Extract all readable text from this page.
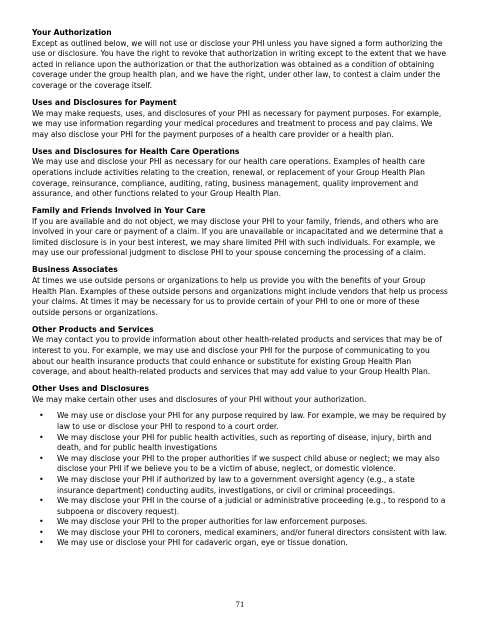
Your Authorization

Except as outlined below, we will not use or disclose your PHI unless you have signed a form authorizing the use or disclosure. You have the right to revoke that authorization in writing except to the extent that we have acted in reliance upon the authorization or that the authorization was obtained as a condition of obtaining coverage under the group health plan, and we have the right, under other law, to contest a claim under the coverage or the coverage itself.

Uses and Disclosures for Payment

We may make requests, uses, and disclosures of your PHI as necessary for payment purposes. For example, we may use information regarding your medical procedures and treatment to process and pay claims. We may also disclose your PHI for the payment purposes of a health care provider or a health plan.

Uses and Disclosures for Health Care Operations

We may use and disclose your PHI as necessary for our health care operations. Examples of health care operations include activities relating to the creation, renewal, or replacement of your Group Health Plan coverage, reinsurance, compliance, auditing, rating, business management, quality improvement and assurance, and other functions related to your Group Health Plan.

Family and Friends Involved in Your Care

If you are available and do not object, we may disclose your PHI to your family, friends, and others who are involved in your care or payment of a claim. If you are unavailable or incapacitated and we determine that a limited disclosure is in your best interest, we may share limited PHI with such individuals. For example, we may use our professional judgment to disclose PHI to your spouse concerning the processing of a claim.

Business Associates

At times we use outside persons or organizations to help us provide you with the benefits of your Group Health Plan. Examples of these outside persons and organizations might include vendors that help us process your claims. At times it may be necessary for us to provide certain of your PHI to one or more of these outside persons or organizations.

Other Products and Services

We may contact you to provide information about other health-related products and services that may be of interest to you. For example, we may use and disclose your PHI for the purpose of communicating to you about our health insurance products that could enhance or substitute for existing Group Health Plan coverage, and about health-related products and services that may add value to your Group Health Plan.

Other Uses and Disclosures

We may make certain other uses and disclosures of your PHI without your authorization.

• We may use or disclose your PHI for any purpose required by law. For example, we may be required by law to use or disclose your PHI to respond to a court order.
• We may disclose your PHI for public health activities, such as reporting of disease, injury, birth and death, and for public health investigations
• We may disclose your PHI to the proper authorities if we suspect child abuse or neglect; we may also disclose your PHI if we believe you to be a victim of abuse, neglect, or domestic violence.
• We may disclose your PHI if authorized by law to a government oversight agency (e.g., a state insurance department) conducting audits, investigations, or civil or criminal proceedings.
• We may disclose your PHI in the course of a judicial or administrative proceeding (e.g., to respond to a subpoena or discovery request).
• We may disclose your PHI to the proper authorities for law enforcement purposes.
• We may disclose your PHI to coroners, medical examiners, and/or funeral directors consistent with law.
• We may use or disclose your PHI for cadaveric organ, eye or tissue donation.
71
